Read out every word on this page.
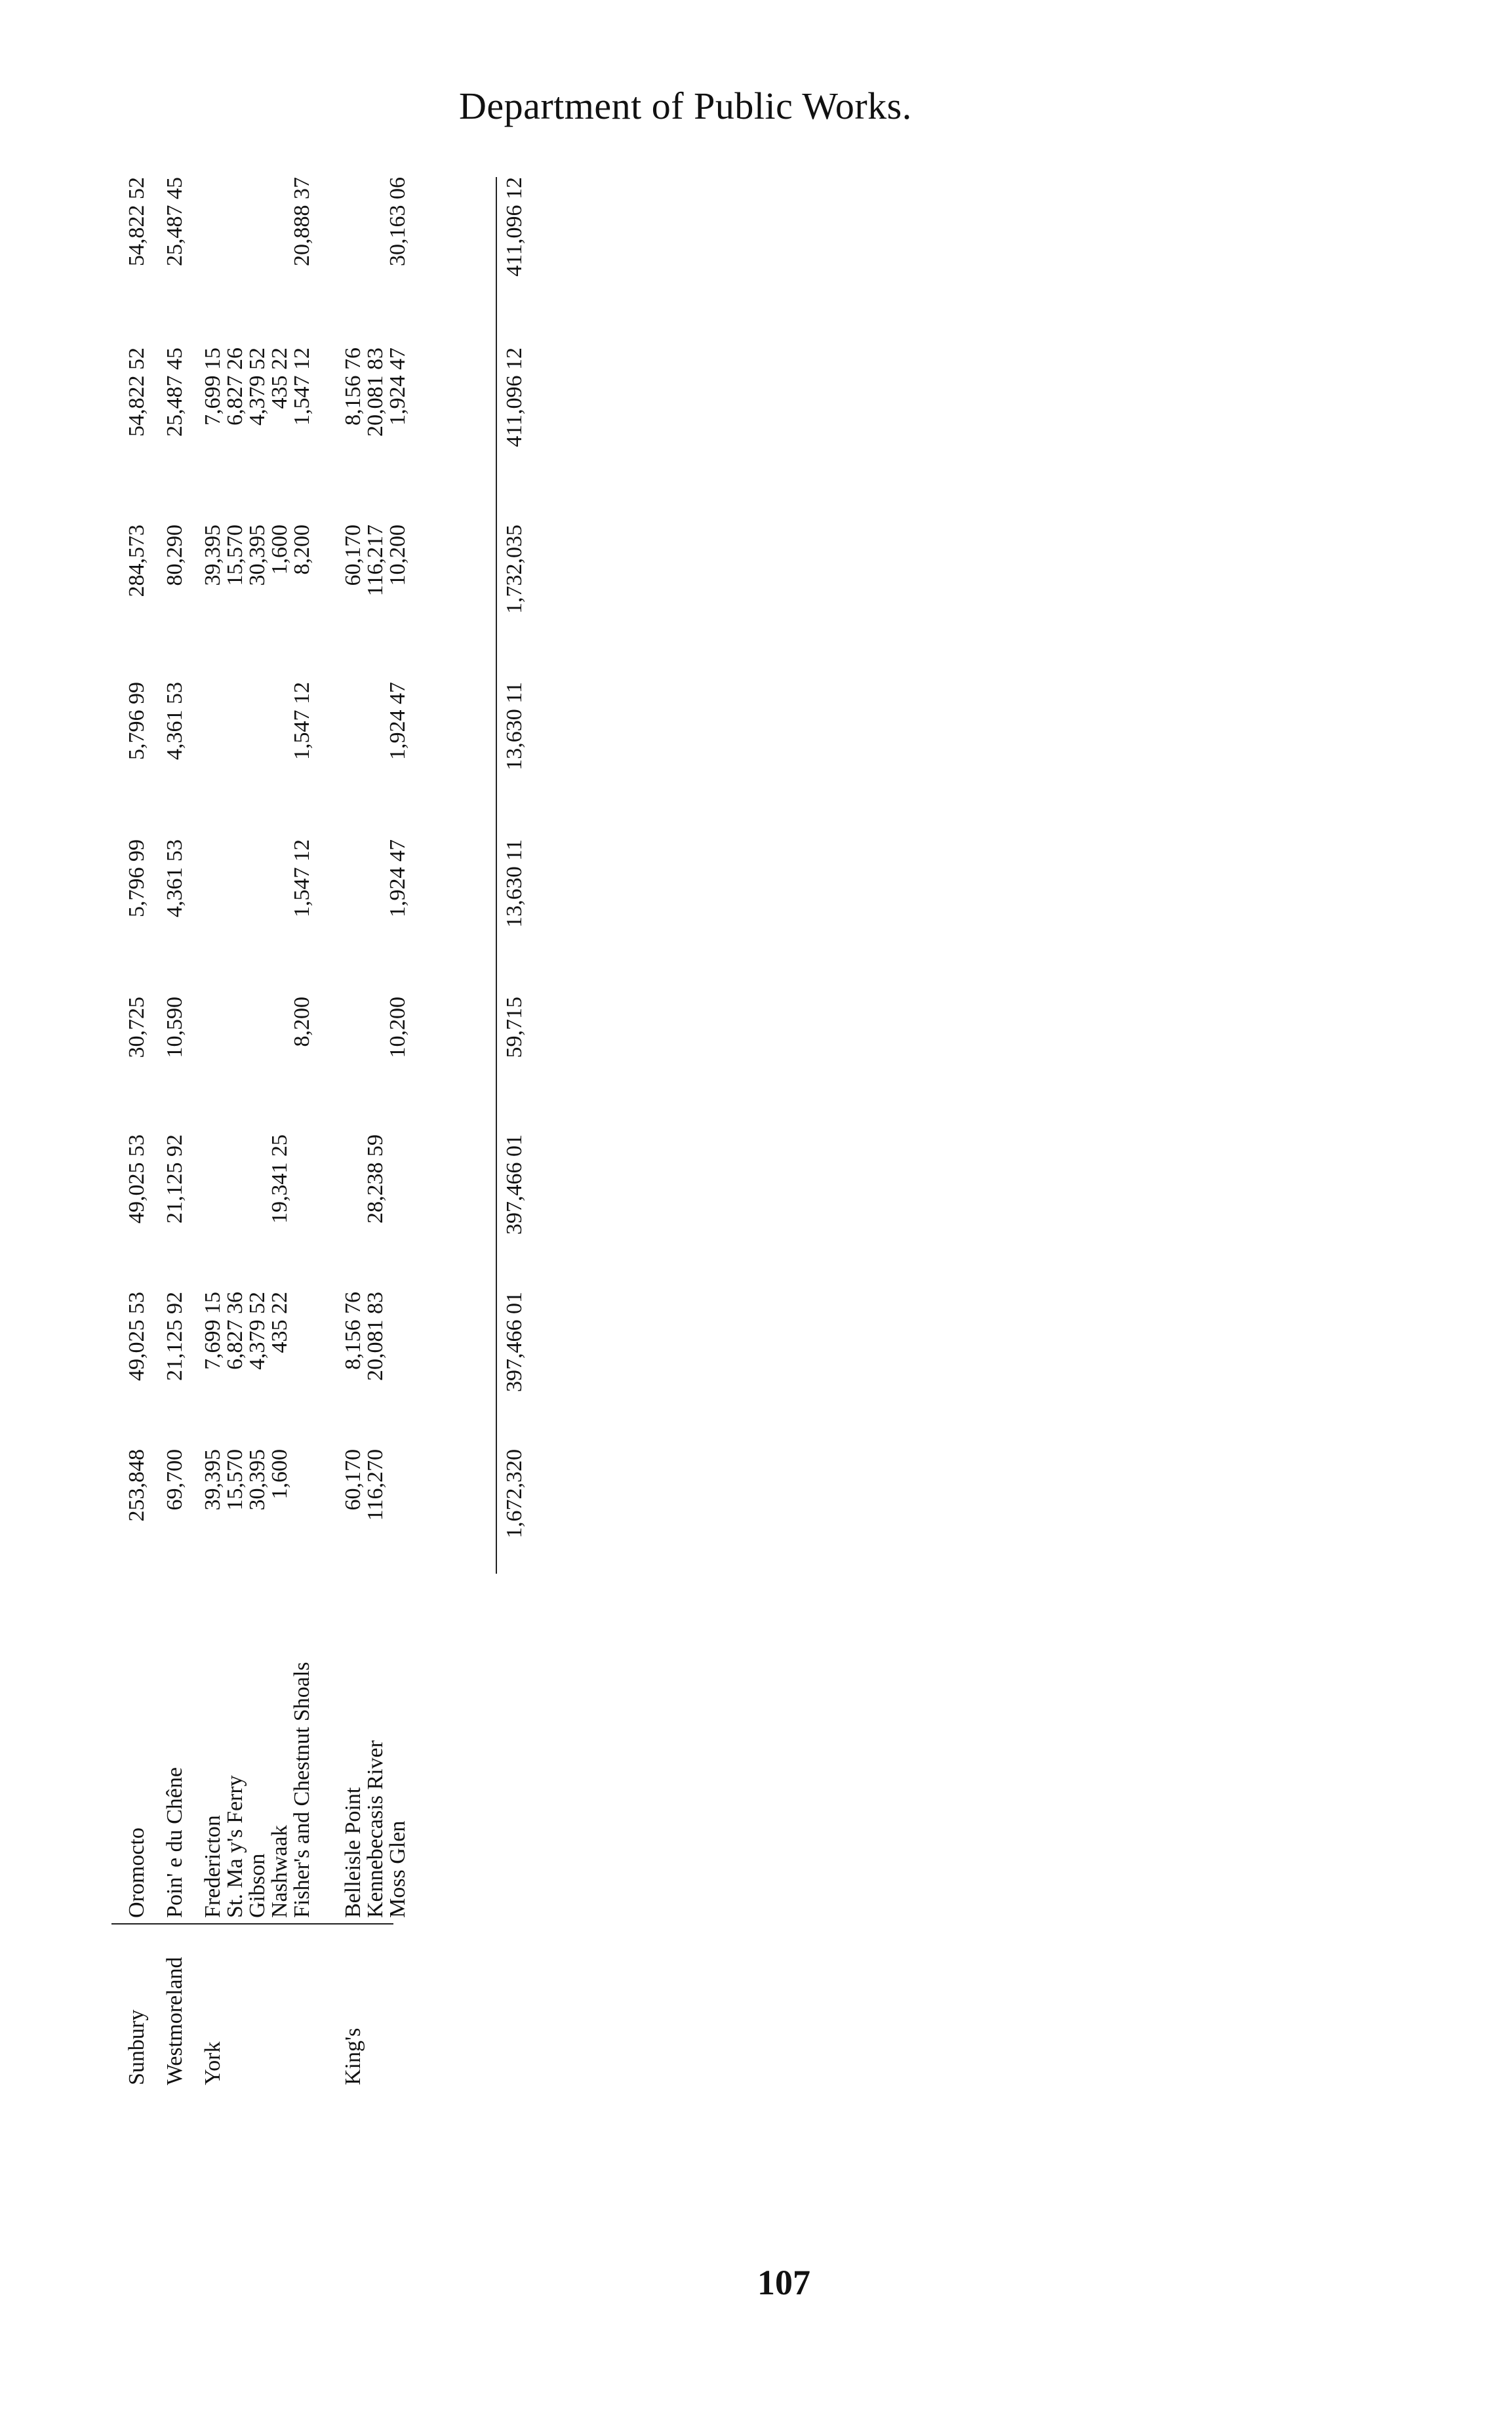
Department of Public Works.
Sunbury
Oromocto
253,848
49,025 53
49,025 53
30,725
5,796 99
5,796 99
284,573
54,822 52
54,822 52
Westmoreland
Poin' e du Chêne
69,700
21,125 92
21,125 92
10,590
4,361 53
4,361 53
80,290
25,487 45
25,487 45
York
Fredericton
39,395
7,699 15
39,395
7,699 15
St. Ma y's Ferry
15,570
6,827 36
15,570
6,827 26
Gibson
30,395
4,379 52
30,395
4,379 52
Nashwaak
1,600
435 22
19,341 25
1,600
435 22
Fisher's and Chestnut Shoals
8,200
1,547 12
1,547 12
8,200
1,547 12
20,888 37
King's
Belleisle Point
60,170
8,156 76
60,170
8,156 76
Kennebecasis River
116,270
20,081 83
28,238 59
116,217
20,081 83
Moss Glen
10,200
1,924 47
1,924 47
10,200
1,924 47
30,163 06
1,672,320
397,466 01
397,466 01
59,715
13,630 11
13,630 11
1,732,035
411,096 12
411,096 12
107
